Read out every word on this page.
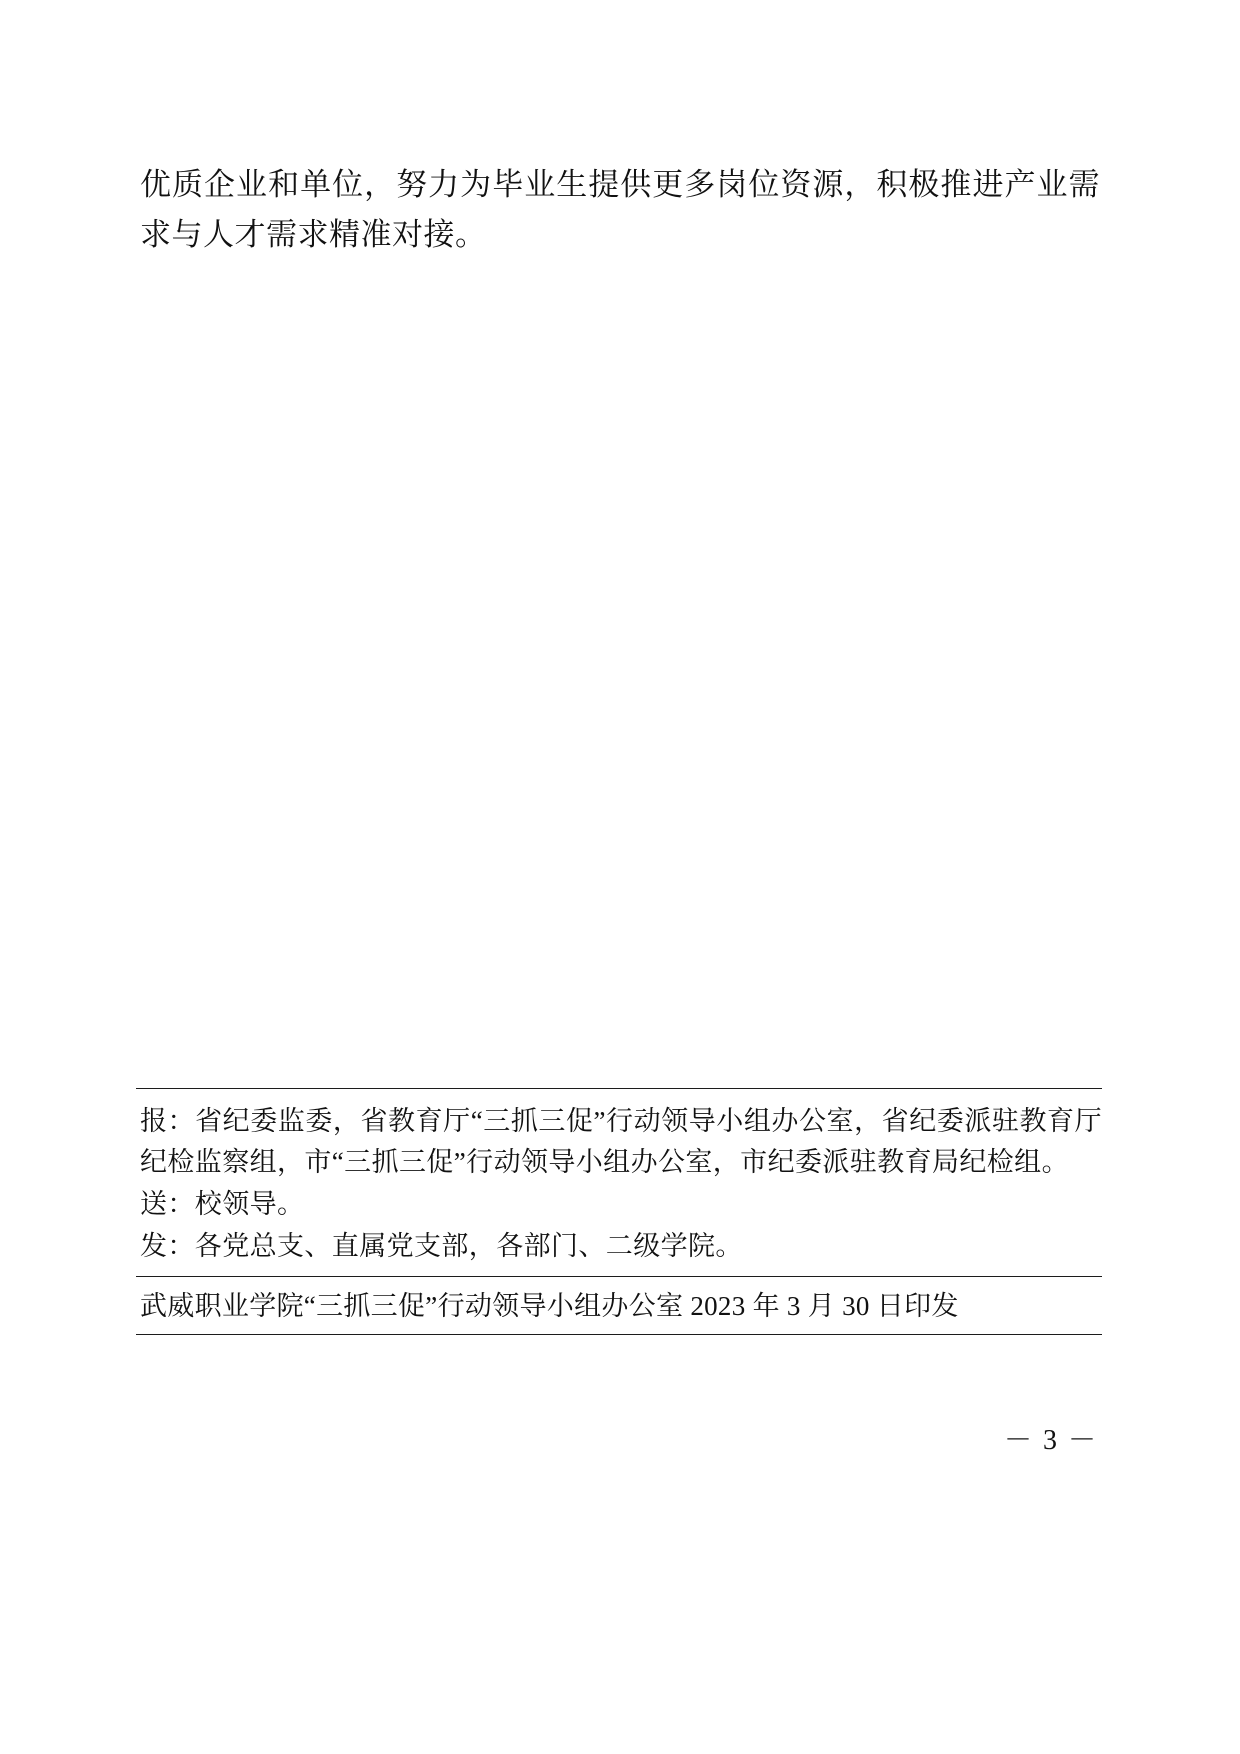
优质企业和单位，努力为毕业生提供更多岗位资源，积极推进产业需求与人才需求精准对接。

报：省纪委监委，省教育厅“三抓三促”行动领导小组办公室，省纪委派驻教育厅纪检监察组，市“三抓三促”行动领导小组办公室，市纪委派驻教育局纪检组。

送：校领导。

发：各党总支、直属党支部，各部门、二级学院。

武威职业学院“三抓三促”行动领导小组办公室 2023 年 3 月 30 日印发

－ 3 －
